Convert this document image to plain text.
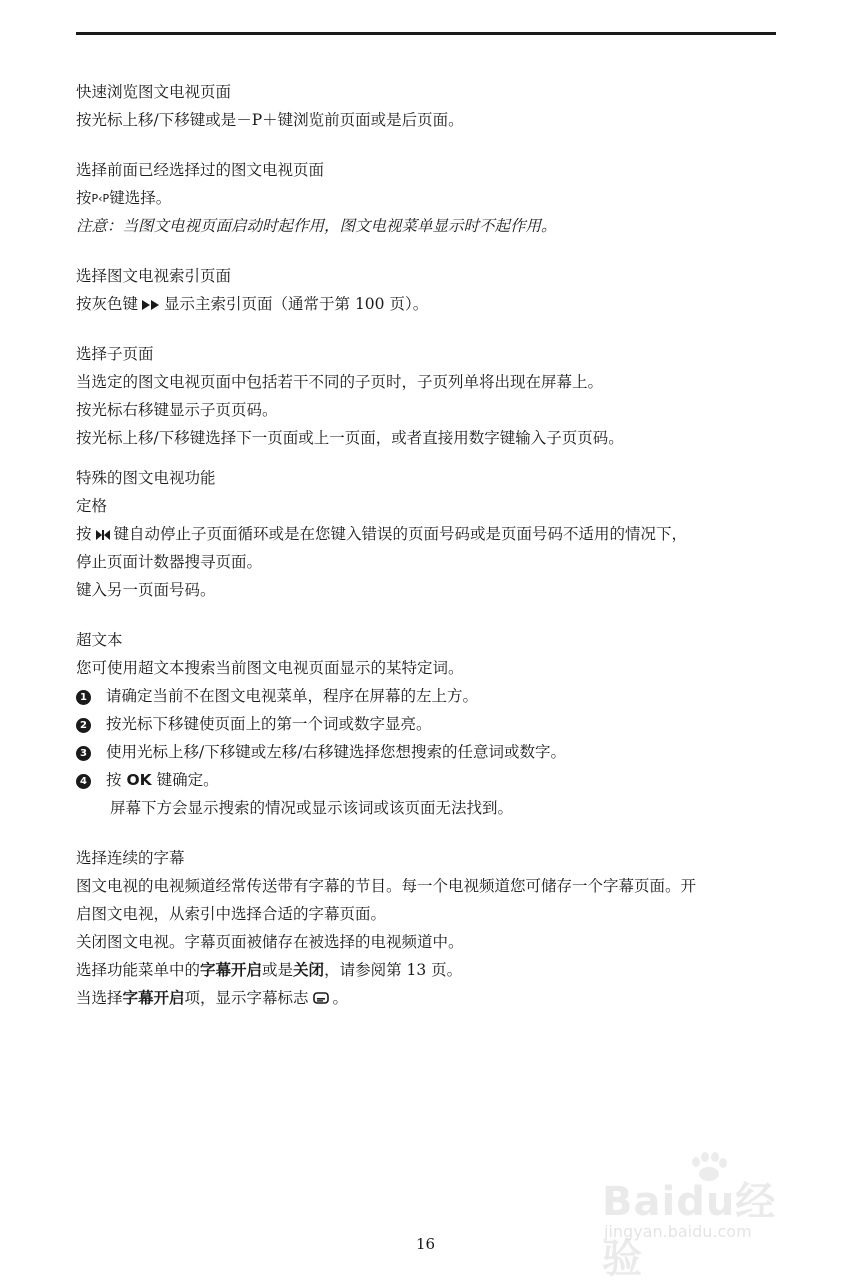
快速浏览图文电视页面
按光标上移/下移键或是－P＋键浏览前页面或是后页面。
选择前面已经选择过的图文电视页面
按P‹P键选择。
注意：当图文电视页面启动时起作用，图文电视菜单显示时不起作用。
选择图文电视索引页面
按灰色键 显示主索引页面（通常于第 100 页）。
选择子页面
当选定的图文电视页面中包括若干不同的子页时，子页列单将出现在屏幕上。
按光标右移键显示子页页码。
按光标上移/下移键选择下一页面或上一页面，或者直接用数字键输入子页页码。
特殊的图文电视功能
定格
按 键自动停止子页面循环或是在您键入错误的页面号码或是页面号码不适用的情况下，
停止页面计数器搜寻页面。
键入另一页面号码。
超文本
您可使用超文本搜索当前图文电视页面显示的某特定词。
1 请确定当前不在图文电视菜单，程序在屏幕的左上方。
2 按光标下移键使页面上的第一个词或数字显亮。
3 使用光标上移/下移键或左移/右移键选择您想搜索的任意词或数字。
4 按 OK 键确定。
屏幕下方会显示搜索的情况或显示该词或该页面无法找到。
选择连续的字幕
图文电视的电视频道经常传送带有字幕的节目。每一个电视频道您可储存一个字幕页面。开
启图文电视，从索引中选择合适的字幕页面。
关闭图文电视。字幕页面被储存在被选择的电视频道中。
选择功能菜单中的字幕开启或是关闭，请参阅第 13 页。
当选择字幕开启项，显示字幕标志 。
Baidu经验
jingyan.baidu.com
16
